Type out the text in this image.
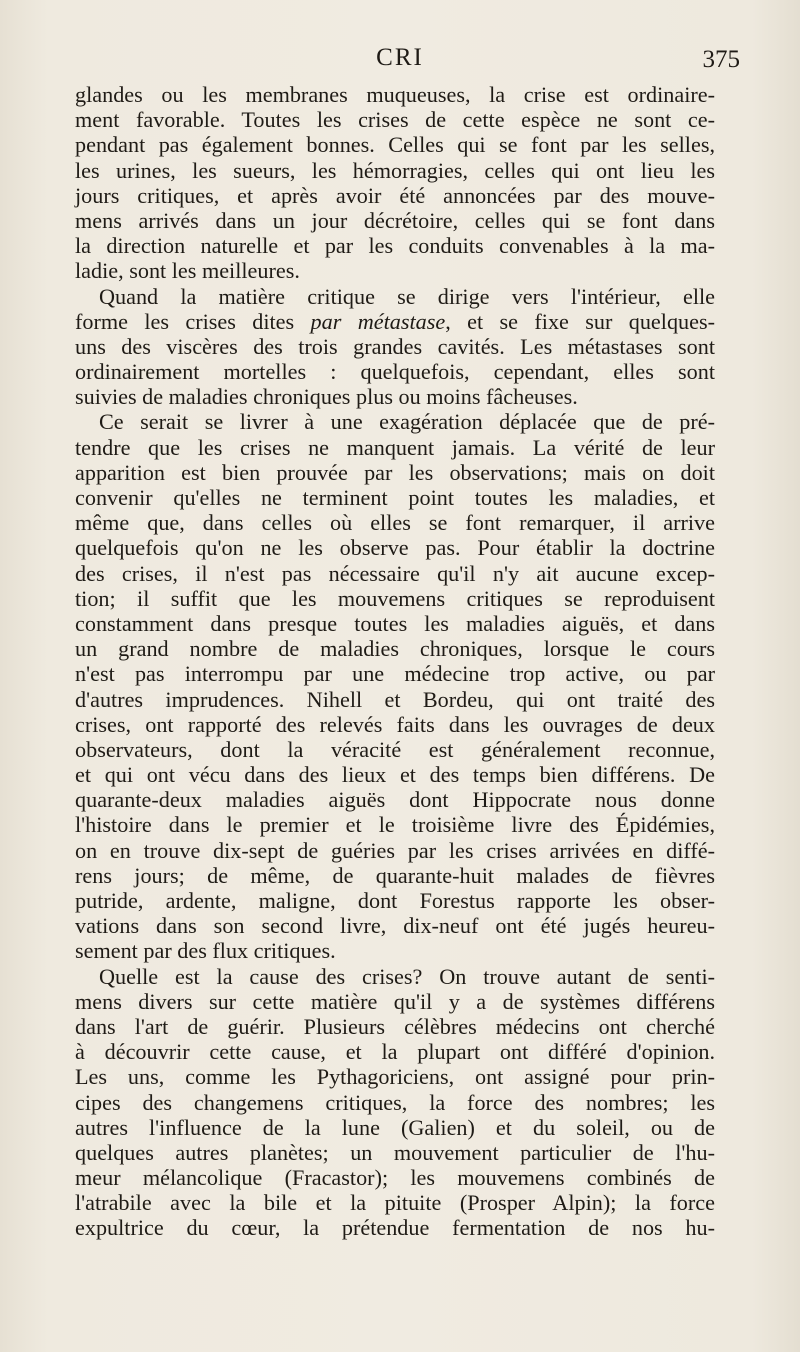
CRI	375
glandes ou les membranes muqueuses, la crise est ordinaire-
ment favorable. Toutes les crises de cette espèce ne sont ce-
pendant pas également bonnes. Celles qui se font par les selles,
les urines, les sueurs, les hémorragies, celles qui ont lieu les
jours critiques, et après avoir été annoncées par des mouve-
mens arrivés dans un jour décrétoire, celles qui se font dans
la direction naturelle et par les conduits convenables à la ma-
ladie, sont les meilleures.
Quand la matière critique se dirige vers l'intérieur, elle
forme les crises dites par métastase, et se fixe sur quelques-
uns des viscères des trois grandes cavités. Les métastases sont
ordinairement mortelles : quelquefois, cependant, elles sont
suivies de maladies chroniques plus ou moins fâcheuses.
Ce serait se livrer à une exagération déplacée que de pré-
tendre que les crises ne manquent jamais. La vérité de leur
apparition est bien prouvée par les observations; mais on doit
convenir qu'elles ne terminent point toutes les maladies, et
même que, dans celles où elles se font remarquer, il arrive
quelquefois qu'on ne les observe pas. Pour établir la doctrine
des crises, il n'est pas nécessaire qu'il n'y ait aucune excep-
tion; il suffit que les mouvemens critiques se reproduisent
constamment dans presque toutes les maladies aiguës, et dans
un grand nombre de maladies chroniques, lorsque le cours
n'est pas interrompu par une médecine trop active, ou par
d'autres imprudences. Nihell et Bordeu, qui ont traité des
crises, ont rapporté des relevés faits dans les ouvrages de deux
observateurs, dont la véracité est généralement reconnue,
et qui ont vécu dans des lieux et des temps bien différens. De
quarante-deux maladies aiguës dont Hippocrate nous donne
l'histoire dans le premier et le troisième livre des Épidémies,
on en trouve dix-sept de guéries par les crises arrivées en diffé-
rens jours; de même, de quarante-huit malades de fièvres
putride, ardente, maligne, dont Forestus rapporte les obser-
vations dans son second livre, dix-neuf ont été jugés heureu-
sement par des flux critiques.
Quelle est la cause des crises? On trouve autant de senti-
mens divers sur cette matière qu'il y a de systèmes différens
dans l'art de guérir. Plusieurs célèbres médecins ont cherché
à découvrir cette cause, et la plupart ont différé d'opinion.
Les uns, comme les Pythagoriciens, ont assigné pour prin-
cipes des changemens critiques, la force des nombres; les
autres l'influence de la lune (Galien) et du soleil, ou de
quelques autres planètes; un mouvement particulier de l'hu-
meur mélancolique (Fracastor); les mouvemens combinés de
l'atrabile avec la bile et la pituite (Prosper Alpin); la force
expultrice du cœur, la prétendue fermentation de nos hu-
